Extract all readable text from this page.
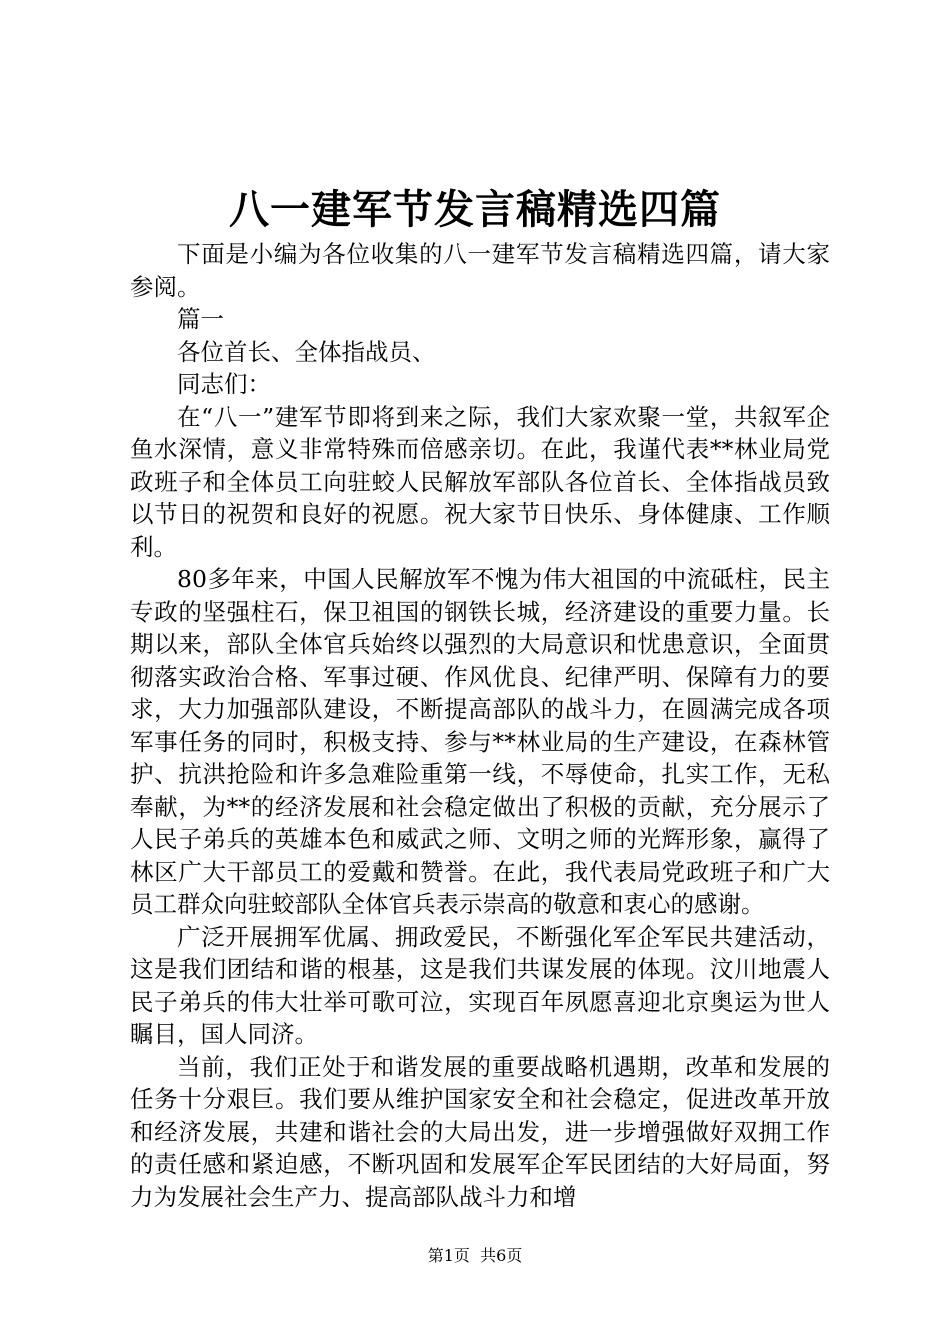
八一建军节发言稿精选四篇

下面是小编为各位收集的八一建军节发言稿精选四篇，请大家参阅。

篇一

各位首长、全体指战员、

同志们：

在“八一”建军节即将到来之际，我们大家欢聚一堂，共叙军企鱼水深情，意义非常特殊而倍感亲切。在此，我谨代表**林业局党政班子和全体员工向驻蛟人民解放军部队各位首长、全体指战员致以节日的祝贺和良好的祝愿。祝大家节日快乐、身体健康、工作顺利。

80多年来，中国人民解放军不愧为伟大祖国的中流砥柱，民主专政的坚强柱石，保卫祖国的钢铁长城，经济建设的重要力量。长期以来，部队全体官兵始终以强烈的大局意识和忧患意识，全面贯彻落实政治合格、军事过硬、作风优良、纪律严明、保障有力的要求，大力加强部队建设，不断提高部队的战斗力，在圆满完成各项军事任务的同时，积极支持、参与**林业局的生产建设，在森林管护、抗洪抢险和许多急难险重第一线，不辱使命，扎实工作，无私奉献，为**的经济发展和社会稳定做出了积极的贡献，充分展示了人民子弟兵的英雄本色和威武之师、文明之师的光辉形象，赢得了林区广大干部员工的爱戴和赞誉。在此，我代表局党政班子和广大员工群众向驻蛟部队全体官兵表示崇高的敬意和衷心的感谢。

广泛开展拥军优属、拥政爱民，不断强化军企军民共建活动，这是我们团结和谐的根基，这是我们共谋发展的体现。汶川地震人民子弟兵的伟大壮举可歌可泣，实现百年夙愿喜迎北京奥运为世人瞩目，国人同济。

当前，我们正处于和谐发展的重要战略机遇期，改革和发展的任务十分艰巨。我们要从维护国家安全和社会稳定，促进改革开放和经济发展，共建和谐社会的大局出发，进一步增强做好双拥工作的责任感和紧迫感，不断巩固和发展军企军民团结的大好局面，努力为发展社会生产力、提高部队战斗力和增

第1页  共6页
